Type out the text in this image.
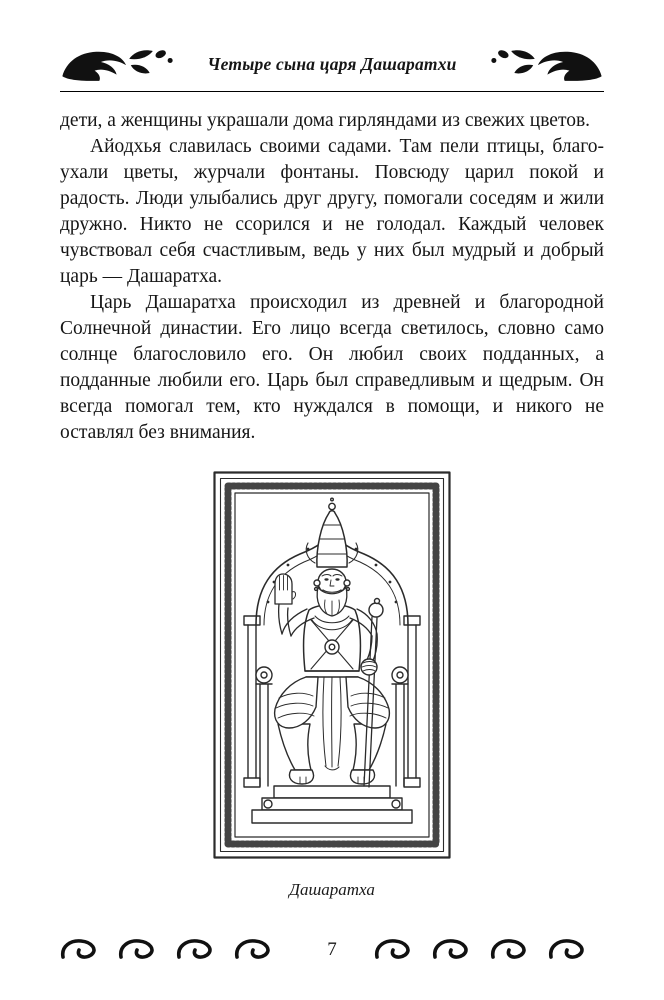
Четыре сына царя Дашаратхи

дети, а женщины украшали дома гирляндами из свежих цветов.

Айодхья славилась своими садами. Там пели птицы, благоухали цветы, журчали фонтаны. Повсюду царил покой и радость. Люди улыбались друг другу, помогали соседям и жили дружно. Никто не ссорился и не голодал. Каждый человек чувствовал себя счастливым, ведь у них был мудрый и добрый царь — Дашаратха.

Царь Дашаратха происходил из древней и благородной Солнечной династии. Его лицо всегда светилось, словно само солнце благословило его. Он любил своих подданных, а подданные любили его. Царь был справедливым и щедрым. Он всегда помогал тем, кто нуждался в помощи, и никого не оставлял без внимания.

Дашаратха
7
